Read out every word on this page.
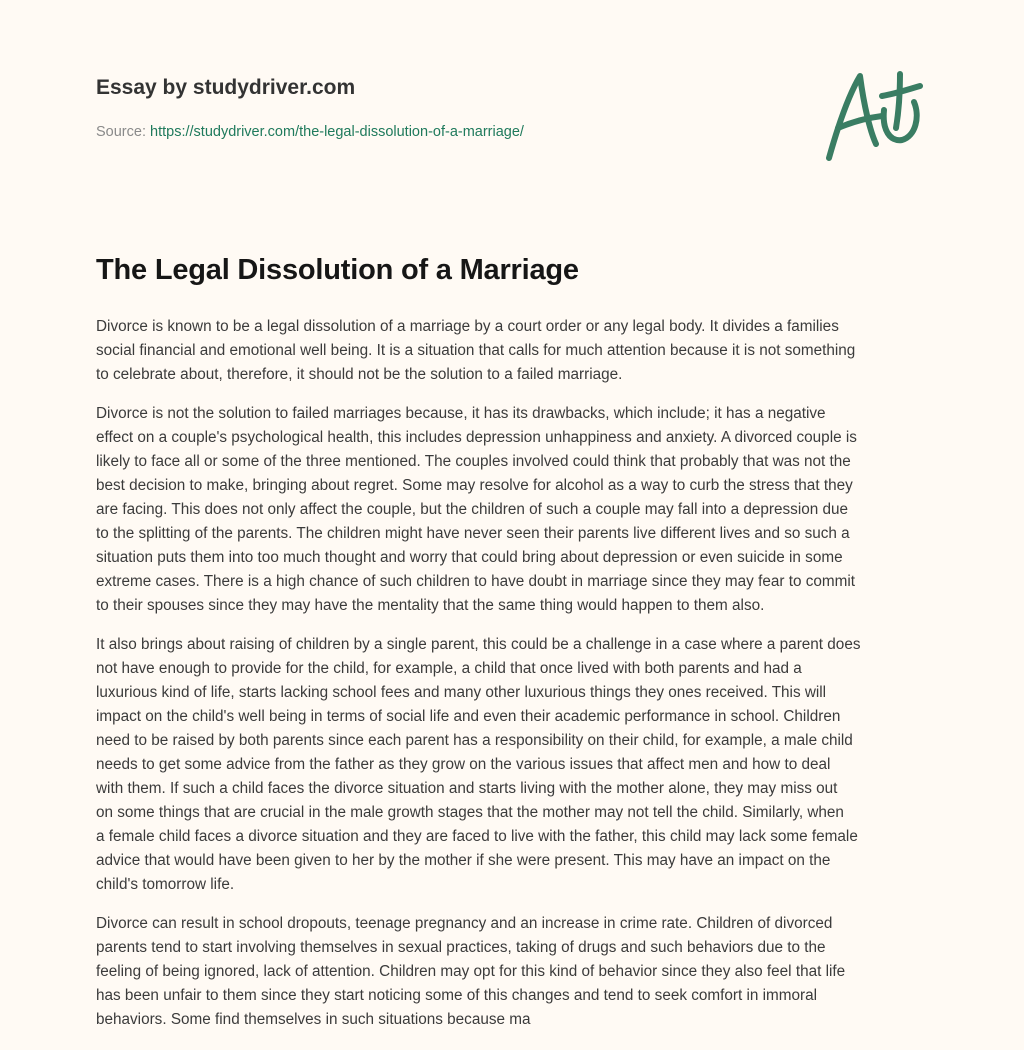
Essay by studydriver.com
Source: https://studydriver.com/the-legal-dissolution-of-a-marriage/
The Legal Dissolution of a Marriage

Divorce is known to be a legal dissolution of a marriage by a court order or any legal body. It divides a families
social financial and emotional well being. It is a situation that calls for much attention because it is not something
to celebrate about, therefore, it should not be the solution to a failed marriage.

Divorce is not the solution to failed marriages because, it has its drawbacks, which include; it has a negative
effect on a couple's psychological health, this includes depression unhappiness and anxiety. A divorced couple is
likely to face all or some of the three mentioned. The couples involved could think that probably that was not the
best decision to make, bringing about regret. Some may resolve for alcohol as a way to curb the stress that they
are facing. This does not only affect the couple, but the children of such a couple may fall into a depression due
to the splitting of the parents. The children might have never seen their parents live different lives and so such a
situation puts them into too much thought and worry that could bring about depression or even suicide in some
extreme cases. There is a high chance of such children to have doubt in marriage since they may fear to commit
to their spouses since they may have the mentality that the same thing would happen to them also.

It also brings about raising of children by a single parent, this could be a challenge in a case where a parent does
not have enough to provide for the child, for example, a child that once lived with both parents and had a
luxurious kind of life, starts lacking school fees and many other luxurious things they ones received. This will
impact on the child's well being in terms of social life and even their academic performance in school. Children
need to be raised by both parents since each parent has a responsibility on their child, for example, a male child
needs to get some advice from the father as they grow on the various issues that affect men and how to deal
with them. If such a child faces the divorce situation and starts living with the mother alone, they may miss out
on some things that are crucial in the male growth stages that the mother may not tell the child. Similarly, when
a female child faces a divorce situation and they are faced to live with the father, this child may lack some female
advice that would have been given to her by the mother if she were present. This may have an impact on the
child's tomorrow life.

Divorce can result in school dropouts, teenage pregnancy and an increase in crime rate. Children of divorced
parents tend to start involving themselves in sexual practices, taking of drugs and such behaviors due to the
feeling of being ignored, lack of attention. Children may opt for this kind of behavior since they also feel that life
has been unfair to them since they start noticing some of this changes and tend to seek comfort in immoral
behaviors. Some find themselves in such situations because ma
